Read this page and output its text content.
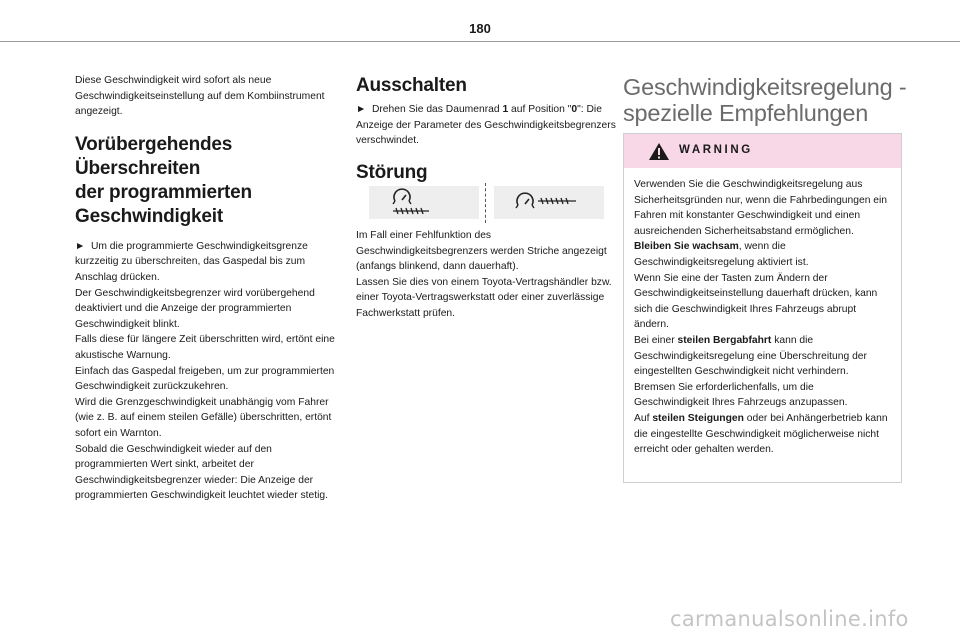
180

Diese Geschwindigkeit wird sofort als neue Geschwindigkeitseinstellung auf dem Kombiinstrument angezeigt.

Vorübergehendes Überschreiten

der programmierten

Geschwindigkeit

► Um die programmierte Geschwindigkeitsgrenze kurzzeitig zu überschreiten, das Gaspedal bis zum Anschlag drücken.

Der Geschwindigkeitsbegrenzer wird vorübergehend deaktiviert und die Anzeige der programmierten Geschwindigkeit blinkt.

Falls diese für längere Zeit überschritten wird, ertönt eine akustische Warnung.

Einfach das Gaspedal freigeben, um zur programmierten Geschwindigkeit zurückzukehren.

Wird die Grenzgeschwindigkeit unabhängig vom Fahrer (wie z. B. auf einem steilen Gefälle) überschritten, ertönt sofort ein Warnton.

Sobald die Geschwindigkeit wieder auf den programmierten Wert sinkt, arbeitet der Geschwindigkeitsbegrenzer wieder: Die Anzeige der programmierten Geschwindigkeit leuchtet wieder stetig.

Ausschalten

► Drehen Sie das Daumenrad 1 auf Position "0": Die Anzeige der Parameter des Geschwindigkeitsbegrenzers verschwindet.

Störung

Im Fall einer Fehlfunktion des Geschwindigkeitsbegrenzers werden Striche angezeigt (anfangs blinkend, dann dauerhaft).

Lassen Sie dies von einem Toyota-Vertragshändler bzw. einer Toyota-Vertragswerkstatt oder einer zuverlässige Fachwerkstatt prüfen.

Geschwindigkeitsregelung -

spezielle Empfehlungen

WARNING

Verwenden Sie die Geschwindigkeitsregelung aus Sicherheitsgründen nur, wenn die Fahrbedingungen ein Fahren mit konstanter Geschwindigkeit und einen ausreichenden Sicherheitsabstand ermöglichen.

Bleiben Sie wachsam, wenn die Geschwindigkeitsregelung aktiviert ist.

Wenn Sie eine der Tasten zum Ändern der Geschwindigkeitseinstellung dauerhaft drücken, kann sich die Geschwindigkeit Ihres Fahrzeugs abrupt ändern.

Bei einer steilen Bergabfahrt kann die Geschwindigkeitsregelung eine Überschreitung der eingestellten Geschwindigkeit nicht verhindern. Bremsen Sie erforderlichenfalls, um die Geschwindigkeit Ihres Fahrzeugs anzupassen.

Auf steilen Steigungen oder bei Anhängerbetrieb kann die eingestellte Geschwindigkeit möglicherweise nicht erreicht oder gehalten werden.

carmanualsonline.info
